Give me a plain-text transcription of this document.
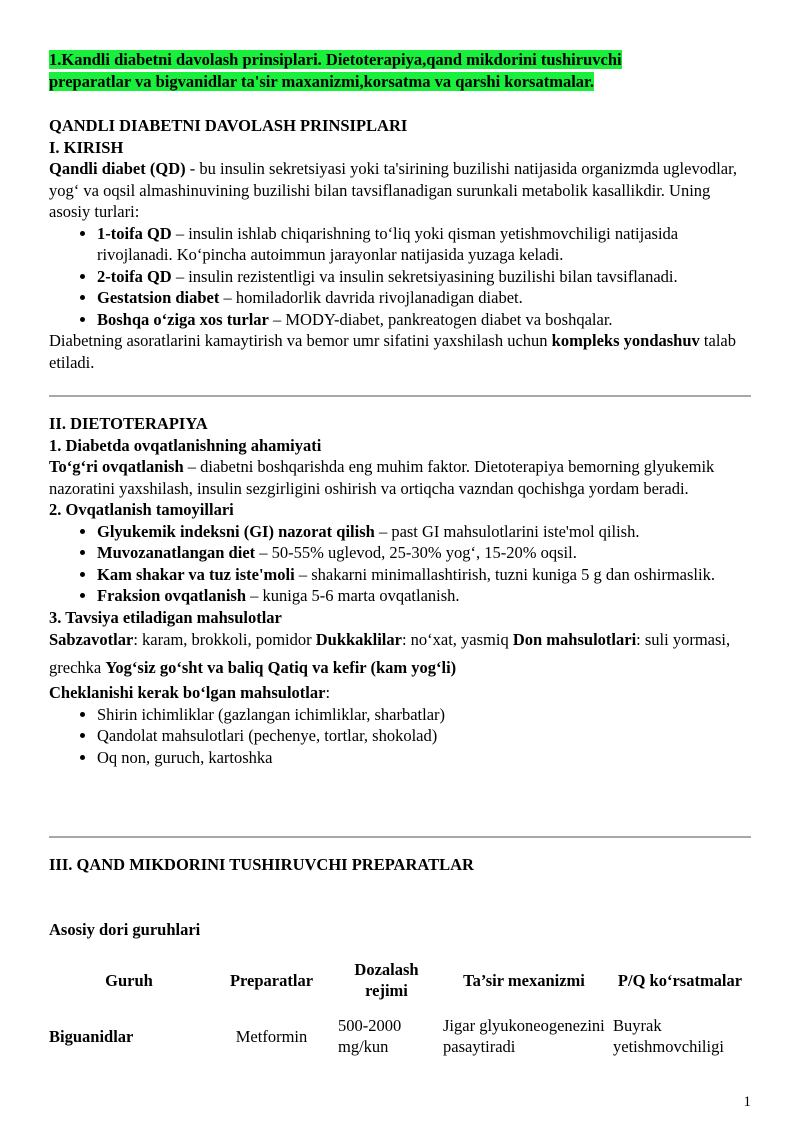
1.Kandli diabetni davolash prinsiplari. Dietoterapiya,qand mikdorini tushiruvchi
preparatlar va bigvanidlar ta'sir maxanizmi,korsatma va qarshi korsatmalar.

QANDLI DIABETNI DAVOLASH PRINSIPLARI

I. KIRISH

Qandli diabet (QD) - bu insulin sekretsiyasi yoki ta'sirining buzilishi natijasida organizmda uglevodlar, yog‘ va oqsil almashinuvining buzilishi bilan tavsiflanadigan surunkali metabolik kasallikdir. Uning asosiy turlari:

• 1-toifa QD – insulin ishlab chiqarishning to‘liq yoki qisman yetishmovchiligi natijasida rivojlanadi. Ko‘pincha autoimmun jarayonlar natijasida yuzaga keladi.
• 2-toifa QD – insulin rezistentligi va insulin sekretsiyasining buzilishi bilan tavsiflanadi.
• Gestatsion diabet – homiladorlik davrida rivojlanadigan diabet.
• Boshqa o‘ziga xos turlar – MODY-diabet, pankreatogen diabet va boshqalar.

Diabetning asoratlarini kamaytirish va bemor umr sifatini yaxshilash uchun kompleks yondashuv talab etiladi.

II. DIETOTERAPIYA

1. Diabetda ovqatlanishning ahamiyati

To‘g‘ri ovqatlanish – diabetni boshqarishda eng muhim faktor. Dietoterapiya bemorning glyukemik nazoratini yaxshilash, insulin sezgirligini oshirish va ortiqcha vazndan qochishga yordam beradi.

2. Ovqatlanish tamoyillari

• Glyukemik indeksni (GI) nazorat qilish – past GI mahsulotlarini iste'mol qilish.
• Muvozanatlangan diet – 50-55% uglevod, 25-30% yog‘, 15-20% oqsil.
• Kam shakar va tuz iste'moli – shakarni minimallashtirish, tuzni kuniga 5 g dan oshirmaslik.
• Fraksion ovqatlanish – kuniga 5-6 marta ovqatlanish.

3. Tavsiya etiladigan mahsulotlar

Sabzavotlar: karam, brokkoli, pomidor Dukkaklilar: no‘xat, yasmiq Don mahsulotlari: suli yormasi, grechka Yog‘siz go‘sht va baliq Qatiq va kefir (kam yog‘li)

Cheklanishi kerak bo‘lgan mahsulotlar:

• Shirin ichimliklar (gazlangan ichimliklar, sharbatlar)
• Qandolat mahsulotlari (pechenye, tortlar, shokolad)
• Oq non, guruch, kartoshka

III. QAND MIKDORINI TUSHIRUVCHI PREPARATLAR

Asosiy dori guruhlari

Guruh	Preparatlar	Dozalash rejimi	Ta’sir mexanizmi	P/Q ko‘rsatmalar
Biguanidlar	Metformin	500-2000 mg/kun	Jigar glyukoneogenezini pasaytiradi	Buyrak yetishmovchiligi
1
